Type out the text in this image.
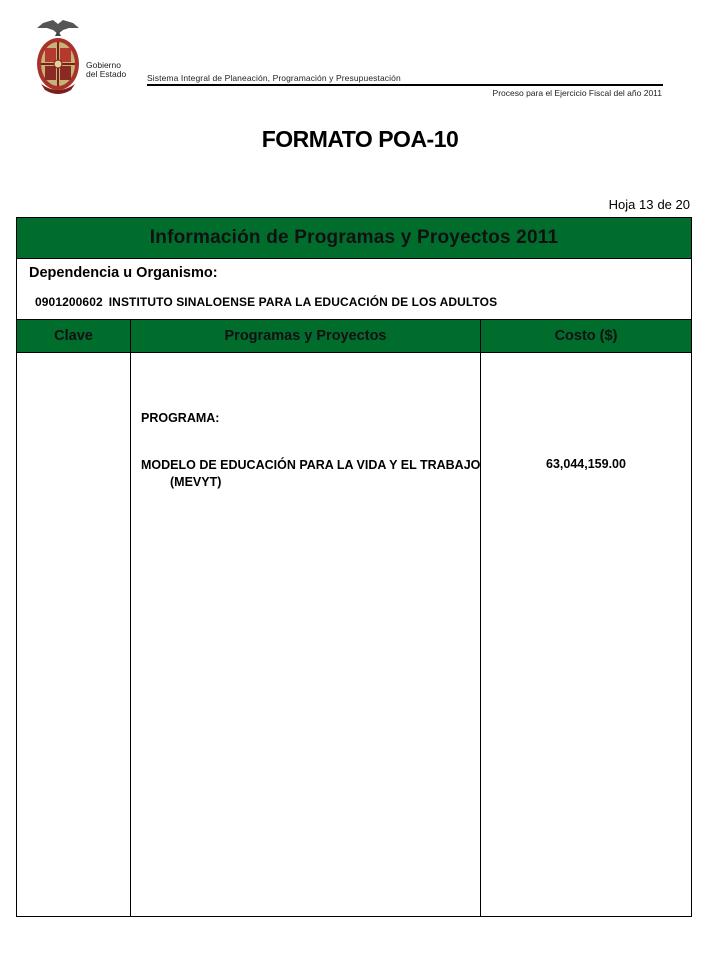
Gobierno
del Estado Sistema Integral de Planeación, Programación y Presupuestación
Proceso para el Ejercicio Fiscal del año 2011
FORMATO POA-10
Hoja 13 de 20
Información de Programas y Proyectos 2011
Dependencia u Organismo:
0901200602 INSTITUTO SINALOENSE PARA LA EDUCACIÓN DE LOS ADULTOS
Clave	Programas y Proyectos	Costo ($)
PROGRAMA:
MODELO DE EDUCACIÓN PARA LA VIDA Y EL TRABAJO (MEVYT)
63,044,159.00
